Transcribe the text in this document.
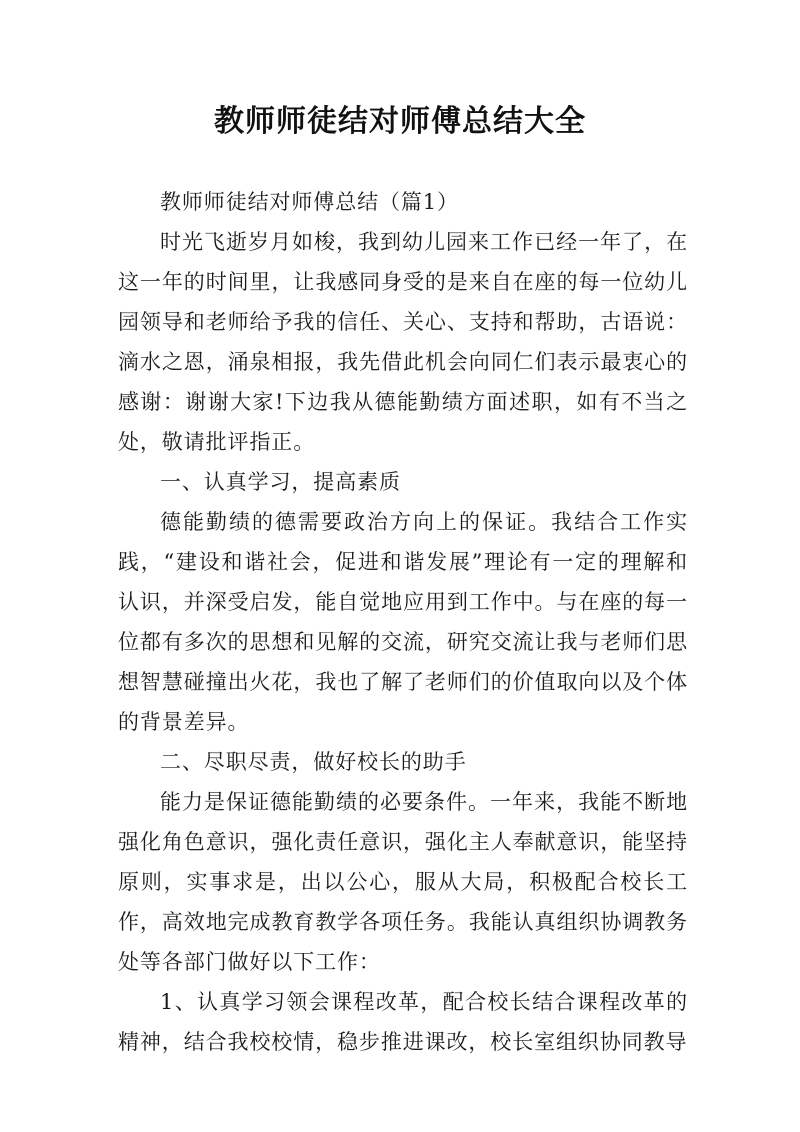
教师师徒结对师傅总结大全

教师师徒结对师傅总结（篇1）

时光飞逝岁月如梭，我到幼儿园来工作已经一年了，在这一年的时间里，让我感同身受的是来自在座的每一位幼儿园领导和老师给予我的信任、关心、支持和帮助，古语说：滴水之恩，涌泉相报，我先借此机会向同仁们表示最衷心的感谢：谢谢大家!下边我从德能勤绩方面述职，如有不当之处，敬请批评指正。

一、认真学习，提高素质

德能勤绩的德需要政治方向上的保证。我结合工作实践，“建设和谐社会，促进和谐发展”理论有一定的理解和认识，并深受启发，能自觉地应用到工作中。与在座的每一位都有多次的思想和见解的交流，研究交流让我与老师们思想智慧碰撞出火花，我也了解了老师们的价值取向以及个体的背景差异。

二、尽职尽责，做好校长的助手

能力是保证德能勤绩的必要条件。一年来，我能不断地强化角色意识，强化责任意识，强化主人奉献意识，能坚持原则，实事求是，出以公心，服从大局，积极配合校长工作，高效地完成教育教学各项任务。我能认真组织协调教务处等各部门做好以下工作：

1、认真学习领会课程改革，配合校长结合课程改革的精神，结合我校校情，稳步推进课改，校长室组织协同教导
